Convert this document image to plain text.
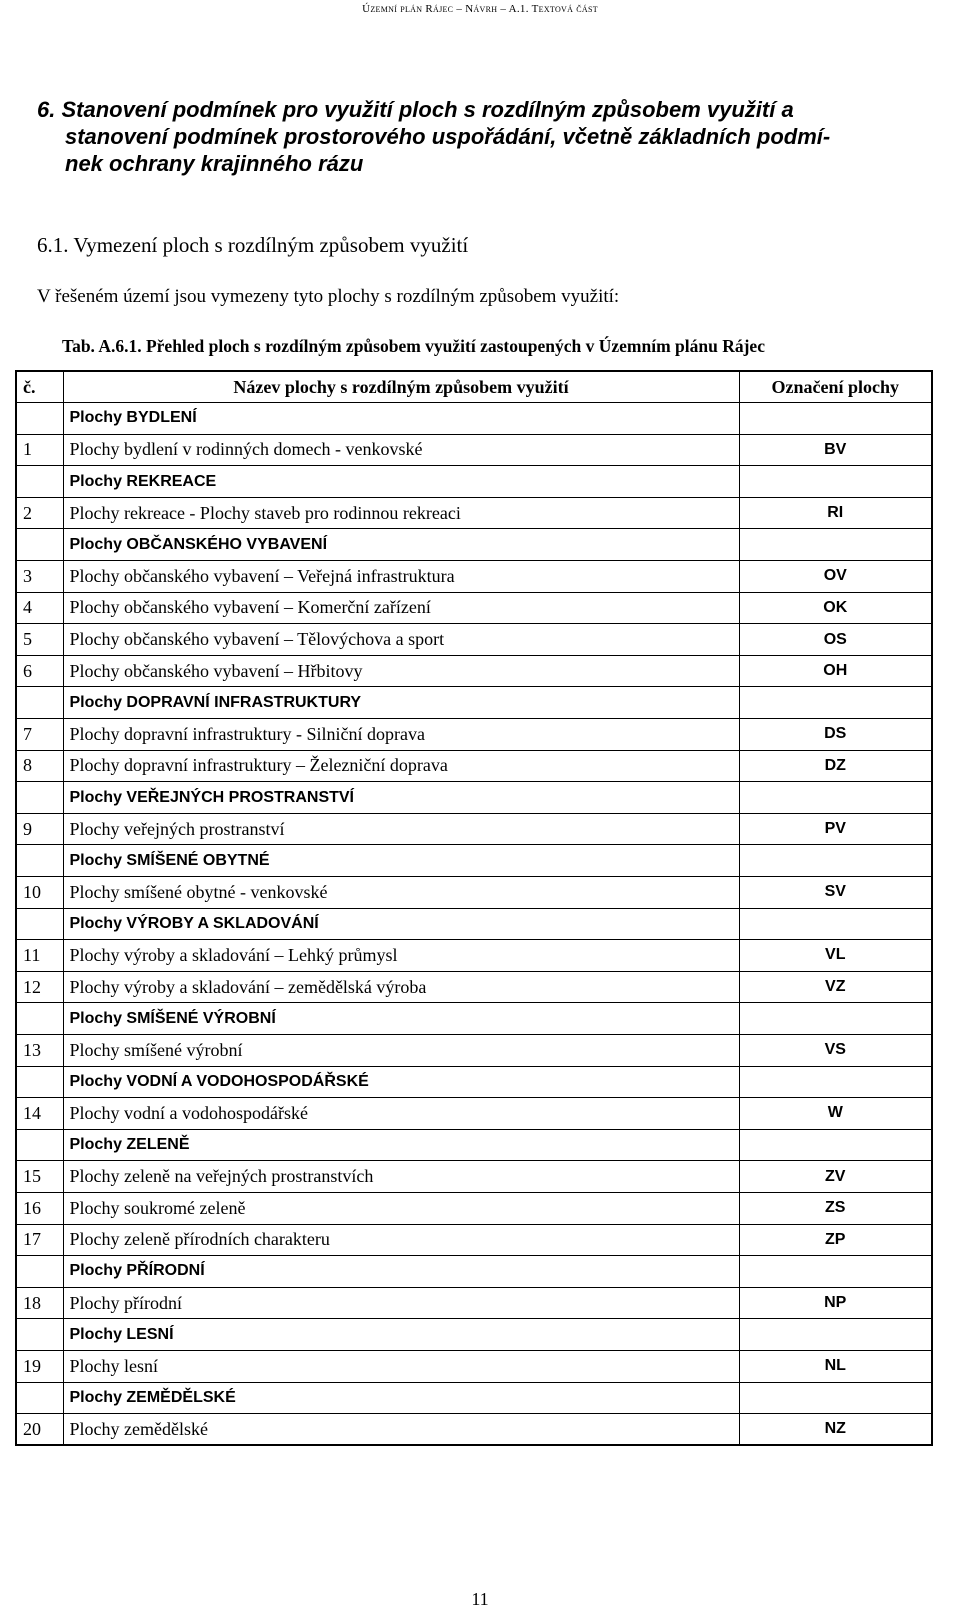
Územní plán Rájec – Návrh – A.1. Textová část
6. Stanovení podmínek pro využití ploch s rozdílným způsobem využití a
stanovení podmínek prostorového uspořádání, včetně základních podmí-
nek ochrany krajinného rázu
6.1. Vymezení ploch s rozdílným způsobem využití
V řešeném území jsou vymezeny tyto plochy s rozdílným způsobem využití:
Tab. A.6.1. Přehled ploch s rozdílným způsobem využití zastoupených v Územním plánu Rájec
č.	Název plochy s rozdílným způsobem využití	Označení plochy
	Plochy BYDLENÍ	
1	Plochy bydlení v rodinných domech - venkovské	BV
	Plochy REKREACE	
2	Plochy rekreace - Plochy staveb pro rodinnou rekreaci	RI
	Plochy OBČANSKÉHO VYBAVENÍ	
3	Plochy občanského vybavení – Veřejná infrastruktura	OV
4	Plochy občanského vybavení – Komerční zařízení	OK
5	Plochy občanského vybavení – Tělovýchova a sport	OS
6	Plochy občanského vybavení – Hřbitovy	OH
	Plochy DOPRAVNÍ INFRASTRUKTURY	
7	Plochy dopravní infrastruktury - Silniční doprava	DS
8	Plochy dopravní infrastruktury – Železniční doprava	DZ
	Plochy VEŘEJNÝCH PROSTRANSTVÍ	
9	Plochy veřejných prostranství	PV
	Plochy SMÍŠENÉ OBYTNÉ	
10	Plochy smíšené obytné - venkovské	SV
	Plochy VÝROBY A SKLADOVÁNÍ	
11	Plochy výroby a skladování – Lehký průmysl	VL
12	Plochy výroby a skladování – zemědělská výroba	VZ
	Plochy SMÍŠENÉ VÝROBNÍ	
13	Plochy smíšené výrobní	VS
	Plochy VODNÍ A VODOHOSPODÁŘSKÉ	
14	Plochy vodní a vodohospodářské	W
	Plochy ZELENĚ	
15	Plochy zeleně na veřejných prostranstvích	ZV
16	Plochy soukromé zeleně	ZS
17	Plochy zeleně přírodních charakteru	ZP
	Plochy PŘÍRODNÍ	
18	Plochy přírodní	NP
	Plochy LESNÍ	
19	Plochy lesní	NL
	Plochy ZEMĚDĚLSKÉ	
20	Plochy zemědělské	NZ
11
